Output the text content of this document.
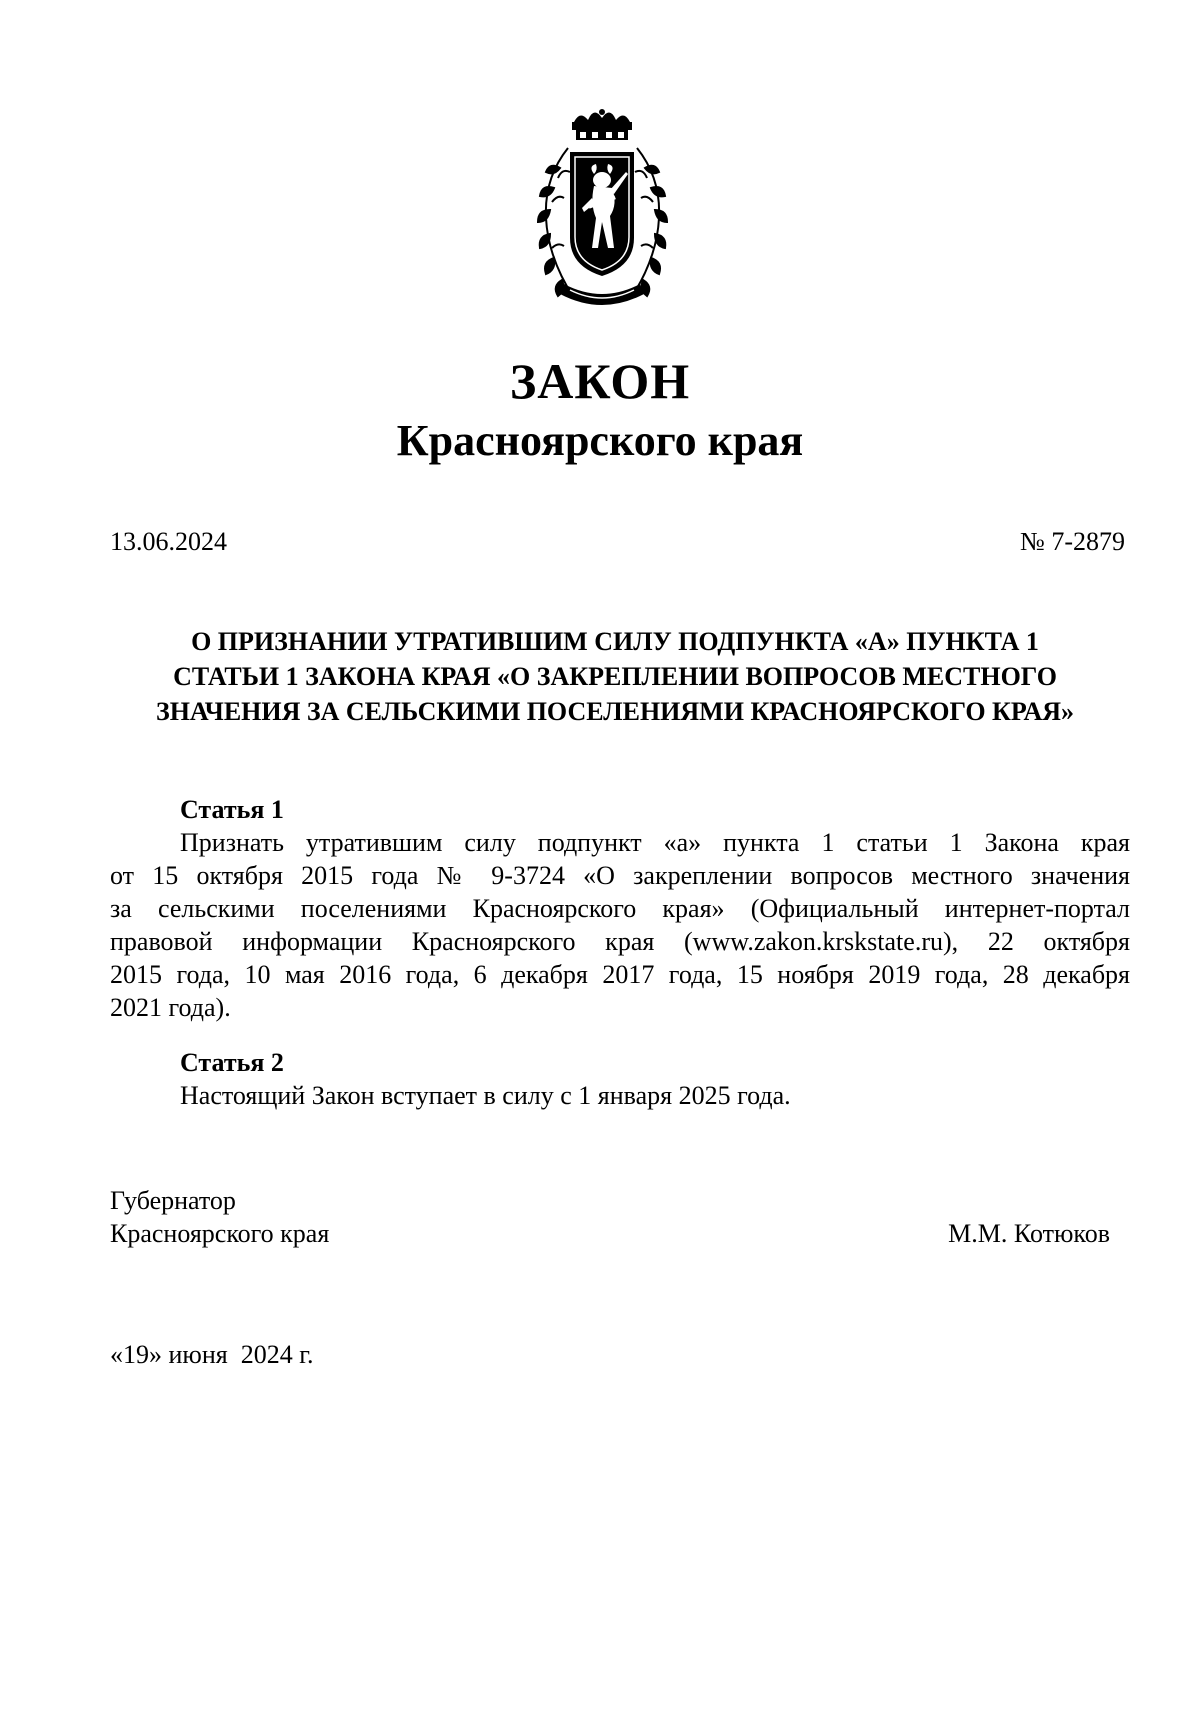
ЗАКОН
Красноярского края
13.06.2024	№ 7-2879
О ПРИЗНАНИИ УТРАТИВШИМ СИЛУ ПОДПУНКТА «А» ПУНКТА 1
СТАТЬИ 1 ЗАКОНА КРАЯ «О ЗАКРЕПЛЕНИИ ВОПРОСОВ МЕСТНОГО
ЗНАЧЕНИЯ ЗА СЕЛЬСКИМИ ПОСЕЛЕНИЯМИ КРАСНОЯРСКОГО КРАЯ»
Статья 1
Признать утратившим силу подпункт «а» пункта 1 статьи 1 Закона края
от 15 октября 2015 года № 9-3724 «О закреплении вопросов местного значения
за сельскими поселениями Красноярского края» (Официальный интернет-портал
правовой информации Красноярского края (www.zakon.krskstate.ru), 22 октября
2015 года, 10 мая 2016 года, 6 декабря 2017 года, 15 ноября 2019 года, 28 декабря
2021 года).
Статья 2
Настоящий Закон вступает в силу с 1 января 2025 года.
Губернатор
Красноярского края	М.М. Котюков
«19» июня  2024 г.
